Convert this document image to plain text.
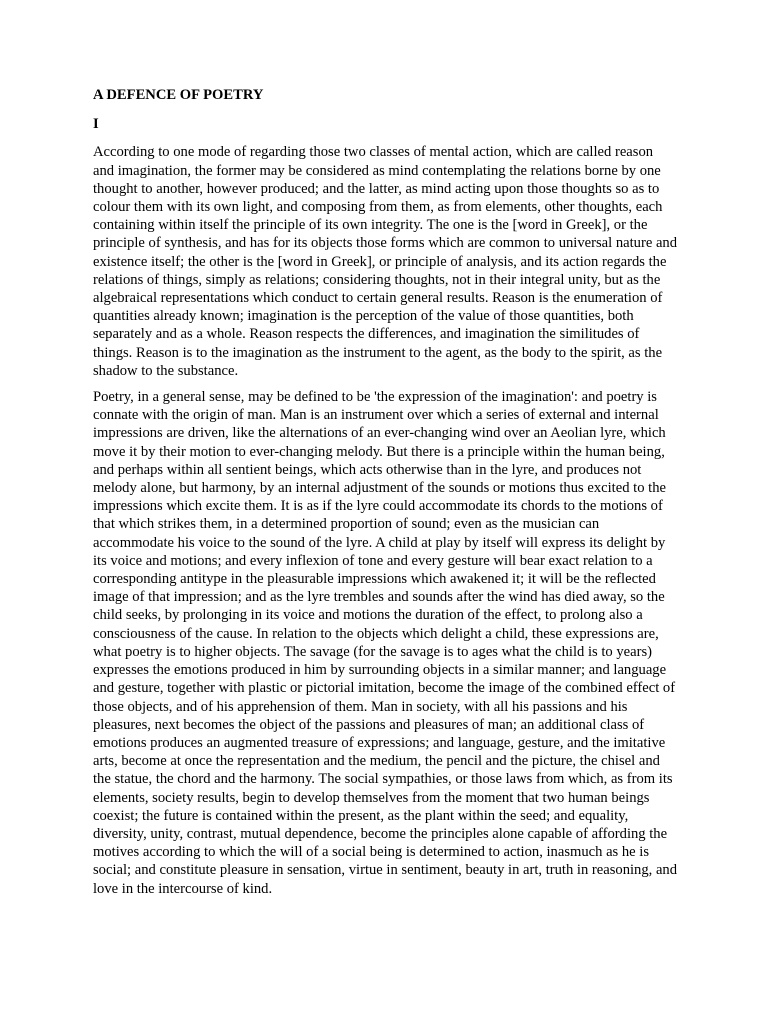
A DEFENCE OF POETRY
I

According to one mode of regarding those two classes of mental action, which are called reason and imagination, the former may be considered as mind contemplating the relations borne by one thought to another, however produced; and the latter, as mind acting upon those thoughts so as to colour them with its own light, and composing from them, as from elements, other thoughts, each containing within itself the principle of its own integrity. The one is the [word in Greek], or the principle of synthesis, and has for its objects those forms which are common to universal nature and existence itself; the other is the [word in Greek], or principle of analysis, and its action regards the relations of things, simply as relations; considering thoughts, not in their integral unity, but as the algebraical representations which conduct to certain general results. Reason is the enumeration of quantities already known; imagination is the perception of the value of those quantities, both separately and as a whole. Reason respects the differences, and imagination the similitudes of things. Reason is to the imagination as the instrument to the agent, as the body to the spirit, as the shadow to the substance.

Poetry, in a general sense, may be defined to be 'the expression of the imagination': and poetry is connate with the origin of man. Man is an instrument over which a series of external and internal impressions are driven, like the alternations of an ever-changing wind over an Aeolian lyre, which move it by their motion to ever-changing melody. But there is a principle within the human being, and perhaps within all sentient beings, which acts otherwise than in the lyre, and produces not melody alone, but harmony, by an internal adjustment of the sounds or motions thus excited to the impressions which excite them. It is as if the lyre could accommodate its chords to the motions of that which strikes them, in a determined proportion of sound; even as the musician can accommodate his voice to the sound of the lyre. A child at play by itself will express its delight by its voice and motions; and every inflexion of tone and every gesture will bear exact relation to a corresponding antitype in the pleasurable impressions which awakened it; it will be the reflected image of that impression; and as the lyre trembles and sounds after the wind has died away, so the child seeks, by prolonging in its voice and motions the duration of the effect, to prolong also a consciousness of the cause. In relation to the objects which delight a child, these expressions are, what poetry is to higher objects. The savage (for the savage is to ages what the child is to years) expresses the emotions produced in him by surrounding objects in a similar manner; and language and gesture, together with plastic or pictorial imitation, become the image of the combined effect of those objects, and of his apprehension of them. Man in society, with all his passions and his pleasures, next becomes the object of the passions and pleasures of man; an additional class of emotions produces an augmented treasure of expressions; and language, gesture, and the imitative arts, become at once the representation and the medium, the pencil and the picture, the chisel and the statue, the chord and the harmony. The social sympathies, or those laws from which, as from its elements, society results, begin to develop themselves from the moment that two human beings coexist; the future is contained within the present, as the plant within the seed; and equality, diversity, unity, contrast, mutual dependence, become the principles alone capable of affording the motives according to which the will of a social being is determined to action, inasmuch as he is social; and constitute pleasure in sensation, virtue in sentiment, beauty in art, truth in reasoning, and love in the intercourse of kind.
